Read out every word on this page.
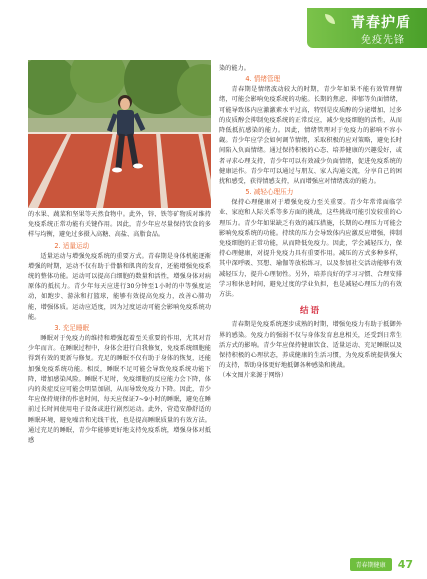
青春护盾
免疫先锋

的水果、蔬菜和坚果等天然食物中。此外，锌、铁等矿物质对维持免疫系统正常功能有关键作用。因此，青少年应尽量保持饮食的多样与均衡，避免过多摄入高糖、高盐、高脂食品。

2. 适量运动

适量运动与增强免疫系统的重要方式。青春期是身体机能逐渐增强的时期，运动不仅有助于骨骼和肌肉的发育，还能增强免疫系统的整体功能。运动可以提高白细胞的数量和活性，增强身体对病原体的抵抗力。青少年每天应进行30分钟至1小时的中等强度运动，如跑步、游泳和打篮球，能够有效提高免疫力，改善心肺功能，增强体质。运动应适度，因为过度运动可能会影响免疫系统功能。

3. 充足睡眠

睡眠对于免疫力的维持和增强起着至关重要的作用，尤其对青少年而言。在睡眠过程中，身体会进行自我修复，免疫系统细胞能得到有效的更新与修复。充足的睡眠不仅有助于身体的恢复，还能加强免疫系统功能。相反，睡眠不足可能会导致免疫系统功能下降，增加感染风险。睡眠不足时，免疫细胞的反应能力会下降，体内的炎症反应可能会明显加剧，从而导致免疫力下降。因此，青少年应保持规律的作息时间，每天应保证7~9小时的睡眠，避免在睡前过长时间使用电子设备或进行剧烈运动。此外，营造安静舒适的睡眠环境，避免噪音和光线干扰，也是提高睡眠质量的有效方法。通过充足的睡眠，青少年能够更好地支持免疫系统，增强身体对抵感

染的能力。

4. 情绪管理

青春期是情绪波动较大的时期，青少年如果不能有效管理情绪，可能会影响免疫系统的功能。长期的焦虑、抑郁等负面情绪，可能导致体内应激激素水平过高，特别是皮质醇的分泌增加，过多的皮质醇会抑制免疫系统的正常反应，减少免疫细胞的活性，从而降低抵抗感染的能力。因此，情绪管理对于免疫力的影响不容小觑。青少年应学会如何调节情绪，采取积极的应对策略，避免长时间陷入负面情绪。通过保持积极的心态、培养健康的兴趣爱好，或者寻求心理支持，青少年可以有效减少负面情绪，促进免疫系统的健康运作。青少年可以通过与朋友、家人沟通交流，分享自己的困扰和感受，获得情感支持，从而增强应对情绪波动的能力。

5. 减轻心理压力

保持心理健康对于增强免疫力至关重要。青少年常常面临学业、家庭和人际关系等多方面的挑战，这些挑战可能引发较重的心理压力。青少年如果缺乏有效的减压措施，长期的心理压力可能会影响免疫系统的功能。持续的压力会导致体内应激反应增强，抑制免疫细胞的正常功能，从而降低免疫力。因此，学会减轻压力，保持心理健康，对提升免疫力具有重要作用。减压的方式多种多样，其中深呼吸、冥想、瑜伽等放松练习，以及参加社交活动能够有效减轻压力，提升心理韧性。另外，培养良好的学习习惯、合理安排学习和休息时间，避免过度的学业负担，也是减轻心理压力的有效方法。

结语

青春期是免疫系统逐步成熟的时期，增强免疫力有助于抵御外界的感染。免疫力的强弱不仅与身体发育息息相关，还受到日常生活方式的影响。青少年应保持健康饮食、适量运动、充足睡眠以及保持积极的心理状态，养成健康的生活习惯，为免疫系统提供强大的支持，帮助身体更好地抵御各种感染和挑战。

（本文图片来源于网络）

青春期健康	47
